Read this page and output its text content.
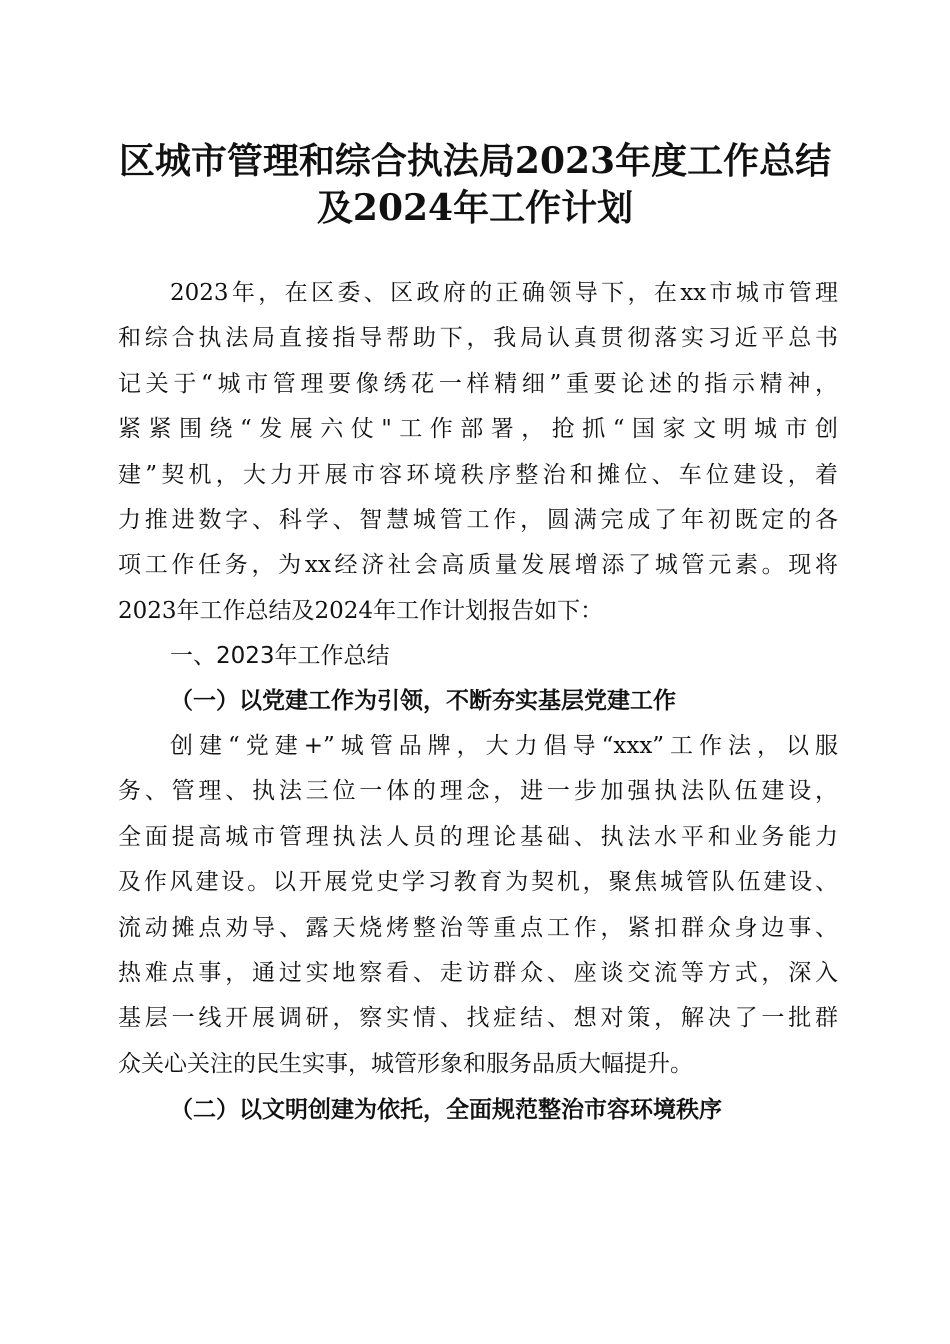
区城市管理和综合执法局2023年度工作总结
及2024年工作计划
2023年，在区委、区政府的正确领导下，在xx市城市管理
和综合执法局直接指导帮助下，我局认真贯彻落实习近平总书
记关于“城市管理要像绣花一样精细”重要论述的指示精神，
紧紧围绕“发展六仗"工作部署，抢抓“国家文明城市创
建”契机，大力开展市容环境秩序整治和摊位、车位建设，着
力推进数字、科学、智慧城管工作，圆满完成了年初既定的各
项工作任务，为xx经济社会高质量发展增添了城管元素。现将
2023年工作总结及2024年工作计划报告如下：
一、2023年工作总结
（一）以党建工作为引领，不断夯实基层党建工作
创建“党建+”城管品牌，大力倡导“xxx”工作法，以服
务、管理、执法三位一体的理念，进一步加强执法队伍建设，
全面提高城市管理执法人员的理论基础、执法水平和业务能力
及作风建设。以开展党史学习教育为契机，聚焦城管队伍建设、
流动摊点劝导、露天烧烤整治等重点工作，紧扣群众身边事、
热难点事，通过实地察看、走访群众、座谈交流等方式，深入
基层一线开展调研，察实情、找症结、想对策，解决了一批群
众关心关注的民生实事，城管形象和服务品质大幅提升。
（二）以文明创建为依托，全面规范整治市容环境秩序
